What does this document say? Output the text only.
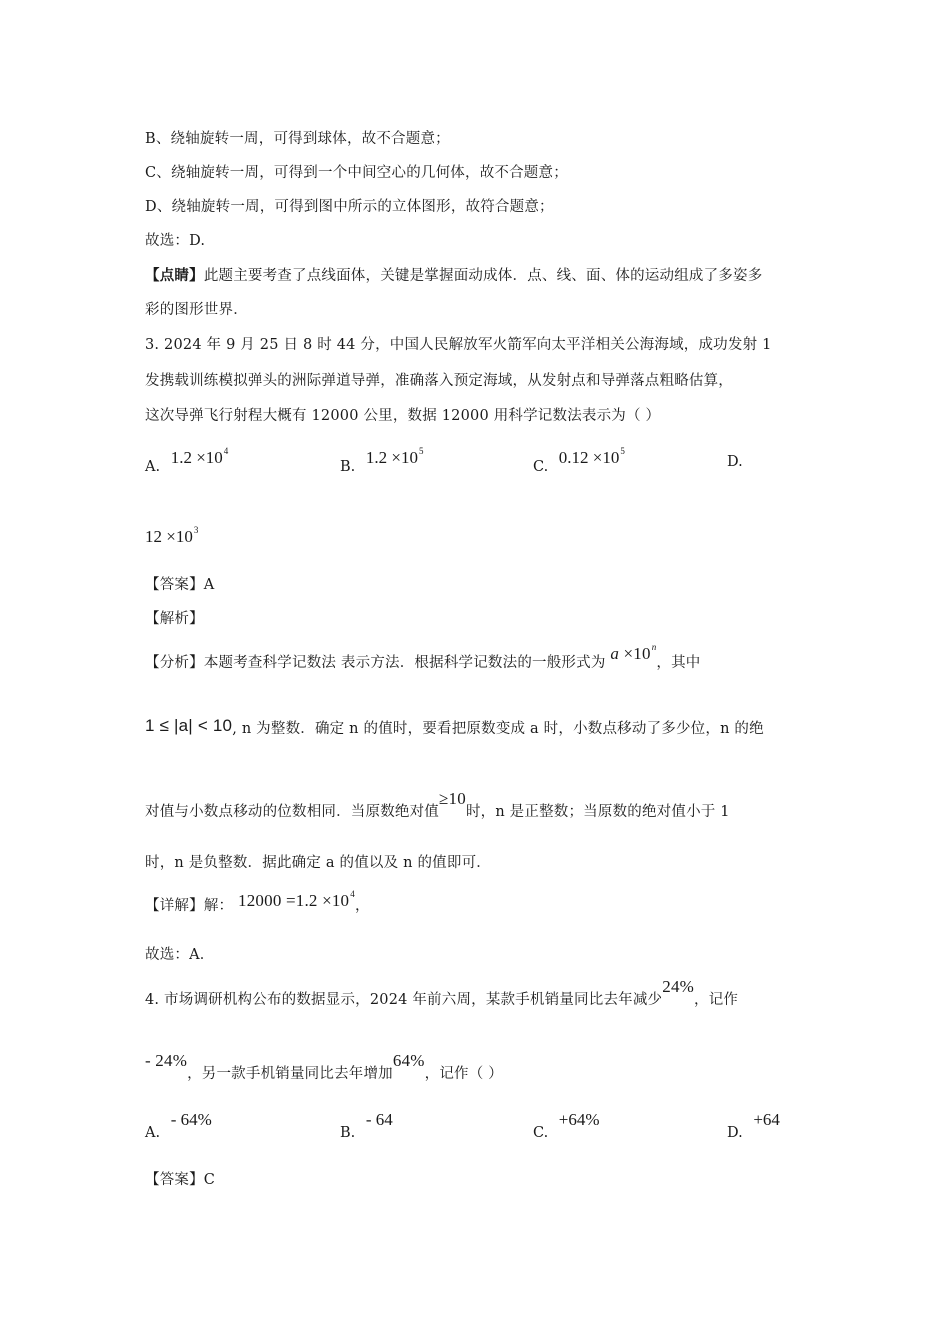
B、绕轴旋转一周，可得到球体，故不合题意；
C、绕轴旋转一周，可得到一个中间空心的几何体，故不合题意；
D、绕轴旋转一周，可得到图中所示的立体图形，故符合题意；
故选：D.
【点睛】此题主要考查了点线面体，关键是掌握面动成体．点、线、面、体的运动组成了多姿多
彩的图形世界．
3. 2024 年 9 月 25 日 8 时 44 分，中国人民解放军火箭军向太平洋相关公海海域，成功发射 1
发携载训练模拟弹头的洲际弹道导弹，准确落入预定海域，从发射点和导弹落点粗略估算，
这次导弹飞行射程大概有 12000 公里，数据 12000 用科学记数法表示为（ ）
A. $1.2 \times 10^4$
B. $1.2 \times 10^5$
C. $0.12 \times 10^5$
D.
$12 \times 10^3$
【答案】A
【解析】
【分析】本题考查科学记数法 表示方法．根据科学记数法的一般形式为 $a \times 10^n$，其中
1 ≤ |a| < 10, n 为整数．确定 n 的值时，要看把原数变成 a 时，小数点移动了多少位，n 的绝
对值与小数点移动的位数相同．当原数绝对值≥10时，n 是正整数；当原数的绝对值小于 1
时，n 是负整数．据此确定 a 的值以及 n 的值即可．
【详解】解： $12000 =1.2 \times 10^4$，
故选：A．
4. 市场调研机构公布的数据显示，2024 年前六周，某款手机销量同比去年减少24%，记作
- 24%，另一款手机销量同比去年增加64%，记作（ ）
A. - 64%
B. - 64
C. +64%
D. +64
【答案】C
